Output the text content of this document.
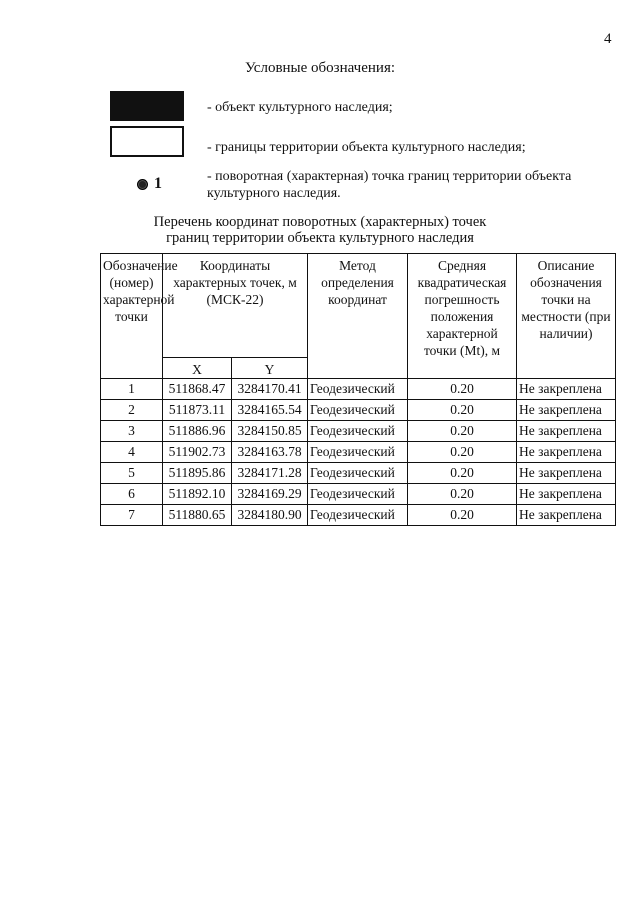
4
Условные обозначения:
- объект культурного наследия;
- границы территории объекта культурного наследия;
1	- поворотная (характерная) точка границ территории объекта культурного наследия.
Перечень координат поворотных (характерных) точек
границ территории объекта культурного наследия
Обозначение (номер) характерной точки	Координаты характерных точек, м (МСК-22)		Метод определения координат	Средняя квадратическая погрешность положения характерной точки (Mt), м	Описание обозначения точки на местности (при наличии)
	X	Y			
1	511868.47	3284170.41	Геодезический	0.20	Не закреплена
2	511873.11	3284165.54	Геодезический	0.20	Не закреплена
3	511886.96	3284150.85	Геодезический	0.20	Не закреплена
4	511902.73	3284163.78	Геодезический	0.20	Не закреплена
5	511895.86	3284171.28	Геодезический	0.20	Не закреплена
6	511892.10	3284169.29	Геодезический	0.20	Не закреплена
7	511880.65	3284180.90	Геодезический	0.20	Не закреплена
